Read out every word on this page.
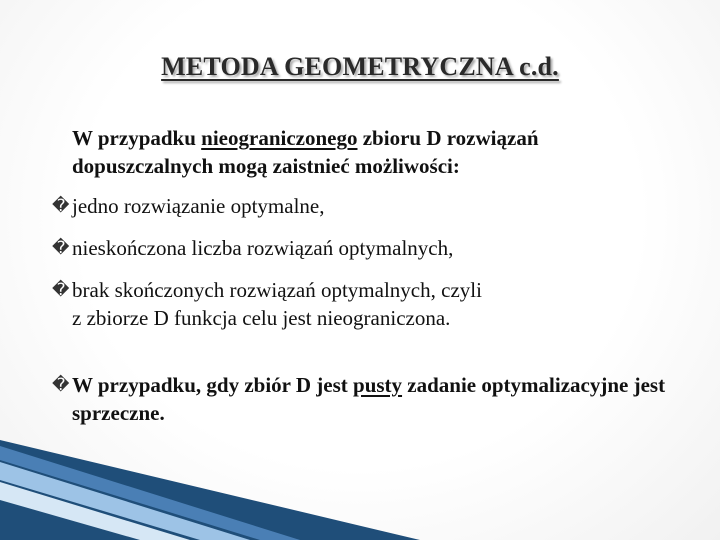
METODA GEOMETRYCZNA c.d.
W przypadku nieograniczonego zbioru D rozwiązań dopuszczalnych mogą zaistnieć możliwości:
� jedno rozwiązanie optymalne,
� nieskończona liczba rozwiązań optymalnych,
� brak skończonych rozwiązań optymalnych, czyli
z zbiorze D funkcja celu jest nieograniczona.
� W przypadku, gdy zbiór D jest pusty zadanie optymalizacyjne jest sprzeczne.
